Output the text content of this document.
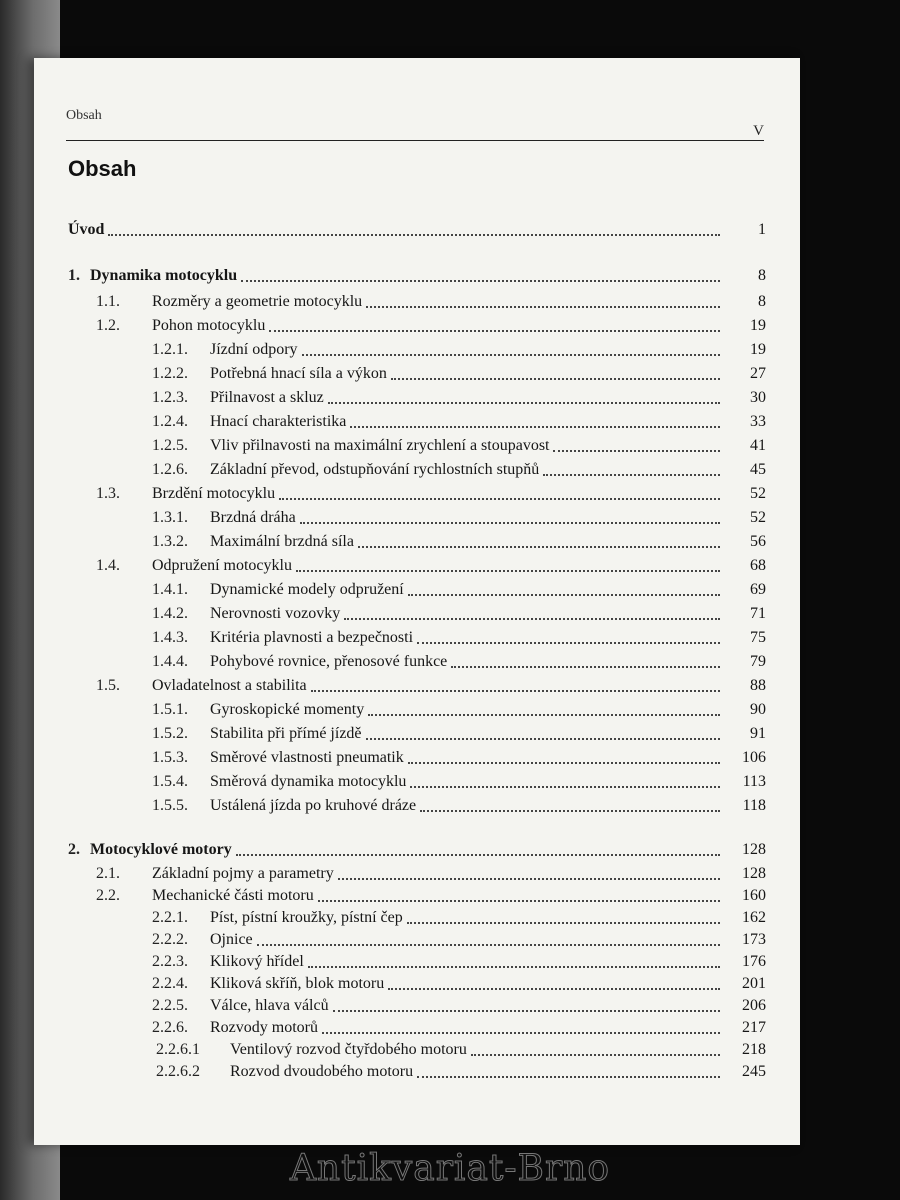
Obsah
V
Obsah
Úvod	1
1. Dynamika motocyklu	8
1.1. Rozměry a geometrie motocyklu	8
1.2. Pohon motocyklu	19
1.2.1. Jízdní odpory	19
1.2.2. Potřebná hnací síla a výkon	27
1.2.3. Přilnavost a skluz	30
1.2.4. Hnací charakteristika	33
1.2.5. Vliv přilnavosti na maximální zrychlení a stoupavost	41
1.2.6. Základní převod, odstupňování rychlostních stupňů	45
1.3. Brzdění motocyklu	52
1.3.1. Brzdná dráha	52
1.3.2. Maximální brzdná síla	56
1.4. Odpružení motocyklu	68
1.4.1. Dynamické modely odpružení	69
1.4.2. Nerovnosti vozovky	71
1.4.3. Kritéria plavnosti a bezpečnosti	75
1.4.4. Pohybové rovnice, přenosové funkce	79
1.5. Ovladatelnost a stabilita	88
1.5.1. Gyroskopické momenty	90
1.5.2. Stabilita při přímé jízdě	91
1.5.3. Směrové vlastnosti pneumatik	106
1.5.4. Směrová dynamika motocyklu	113
1.5.5. Ustálená jízda po kruhové dráze	118
2. Motocyklové motory	128
2.1. Základní pojmy a parametry	128
2.2. Mechanické části motoru	160
2.2.1. Píst, pístní kroužky, pístní čep	162
2.2.2. Ojnice	173
2.2.3. Klikový hřídel	176
2.2.4. Kliková skříň, blok motoru	201
2.2.5. Válce, hlava válců	206
2.2.6. Rozvody motorů	217
2.2.6.1 Ventilový rozvod čtyřdobého motoru	218
2.2.6.2 Rozvod dvoudobého motoru	245
Antikvariat-Brno
